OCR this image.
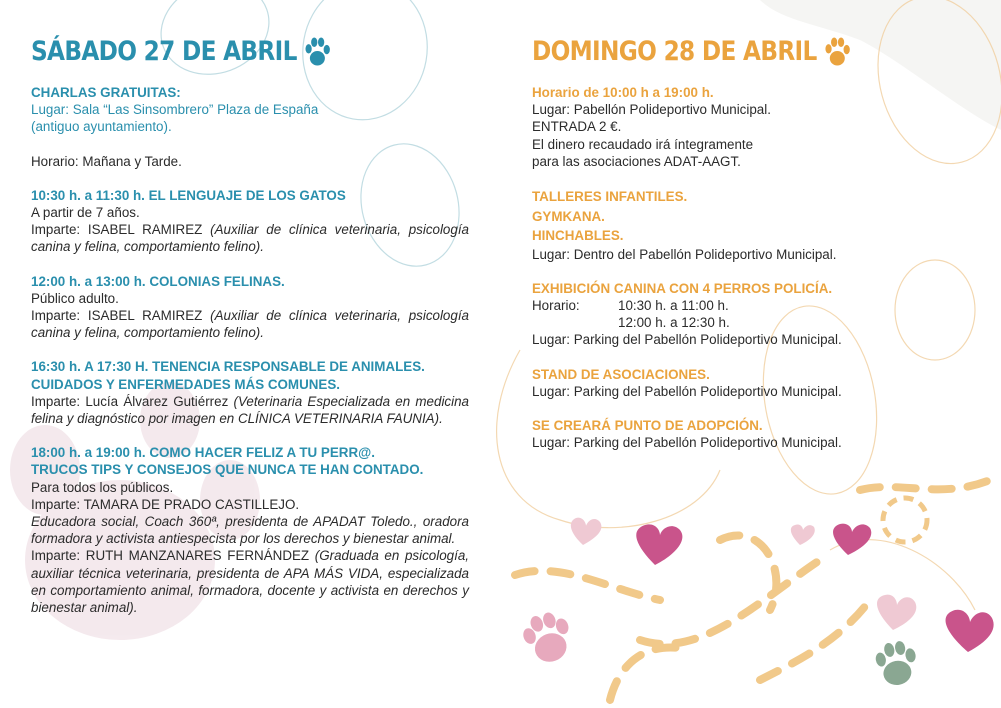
SÁBADO 27 DE ABRIL

CHARLAS GRATUITAS:

Lugar: Sala “Las Sinsombrero” Plaza de España

(antiguo ayuntamiento).

Horario: Mañana y Tarde.

10:30 h. a 11:30 h. EL LENGUAJE DE LOS GATOS

A partir de 7 años.

Imparte: ISABEL RAMIREZ (Auxiliar de clínica veterinaria, psicología canina y felina, comportamiento felino).

12:00 h. a 13:00 h. COLONIAS FELINAS.

Público adulto.

Imparte: ISABEL RAMIREZ (Auxiliar de clínica veterinaria, psicología canina y felina, comportamiento felino).

16:30 h. A 17:30 H. TENENCIA RESPONSABLE DE ANIMALES.

CUIDADOS Y ENFERMEDADES MÁS COMUNES.

Imparte: Lucía Álvarez Gutiérrez (Veterinaria Especializada en medicina felina y diagnóstico por imagen en CLÍNICA VETERINARIA FAUNIA).

18:00 h. a 19:00 h. COMO HACER FELIZ A TU PERR@.

TRUCOS TIPS Y CONSEJOS QUE NUNCA TE HAN CONTADO.

Para todos los públicos.

Imparte: TAMARA DE PRADO CASTILLEJO.

Educadora social, Coach 360ª, presidenta de APADAT Toledo., oradora formadora y activista antiespecista por los derechos y bienestar animal.

Imparte: RUTH MANZANARES FERNÁNDEZ (Graduada en psicología, auxiliar técnica veterinaria, presidenta de APA MÁS VIDA, especializada en comportamiento animal, formadora, docente y activista en derechos y bienestar animal).

DOMINGO 28 DE ABRIL

Horario de 10:00 h a 19:00 h.

Lugar: Pabellón Polideportivo Municipal.

ENTRADA 2 €.

El dinero recaudado irá íntegramente

para las asociaciones ADAT-AAGT.

TALLERES INFANTILES.

GYMKANA.

HINCHABLES.

Lugar: Dentro del Pabellón Polideportivo Municipal.

EXHIBICIÓN CANINA CON 4 PERROS POLICÍA.

Horario:	10:30 h. a 11:00 h.
12:00 h. a 12:30 h.

Lugar: Parking del Pabellón Polideportivo Municipal.

STAND DE ASOCIACIONES.

Lugar: Parking del Pabellón Polideportivo Municipal.

SE CREARÁ PUNTO DE ADOPCIÓN.

Lugar: Parking del Pabellón Polideportivo Municipal.
